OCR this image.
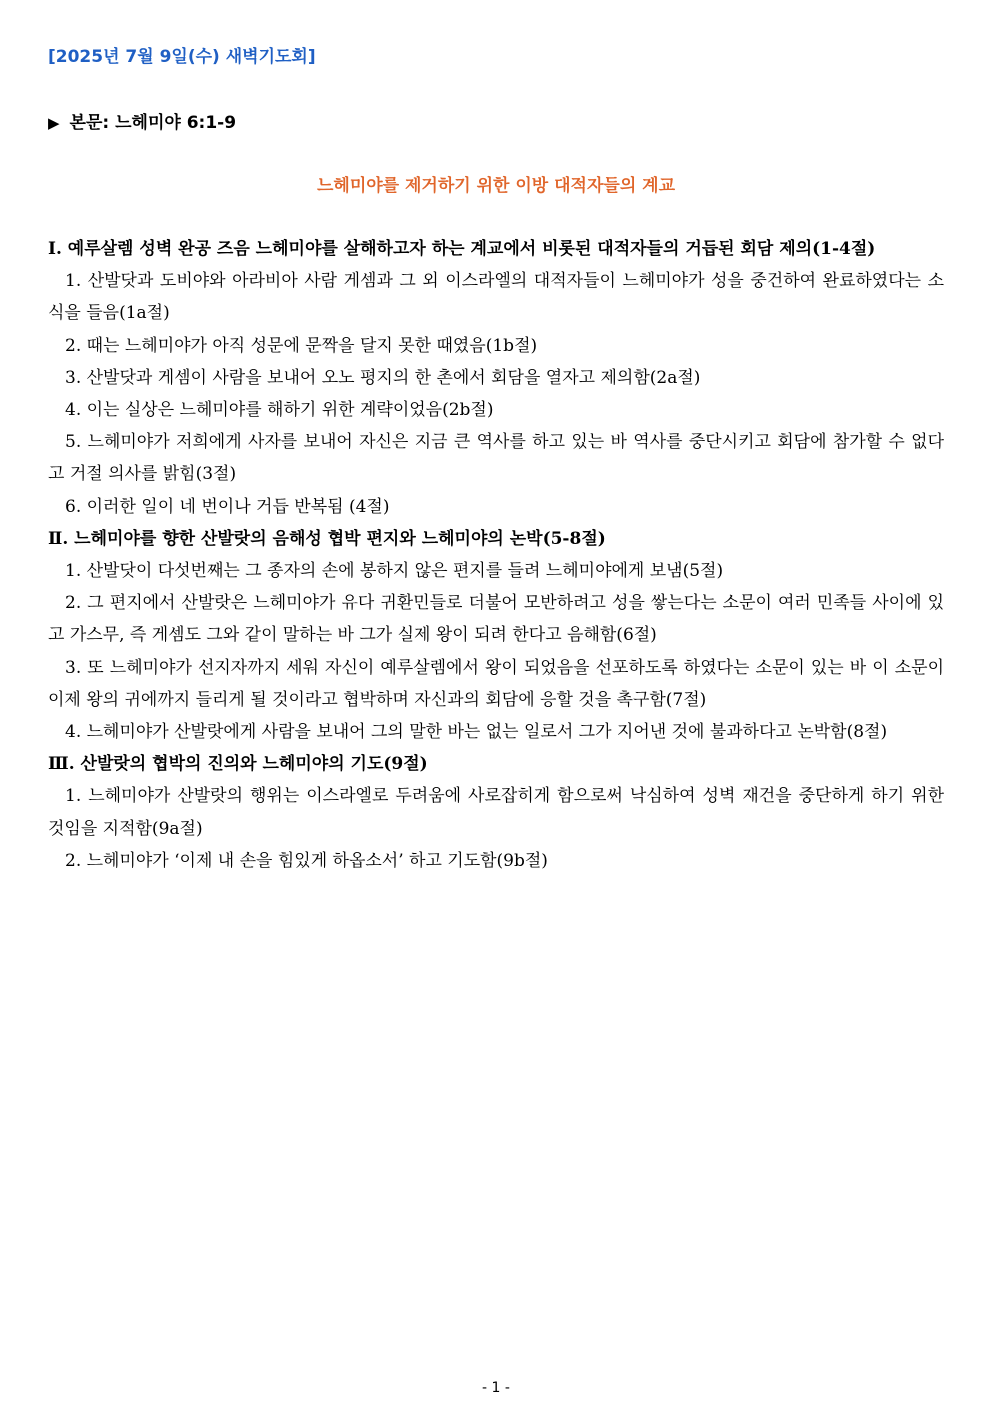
[2025년 7월 9일(수) 새벽기도회]
▶ 본문: 느헤미야 6:1-9
느헤미야를 제거하기 위한 이방 대적자들의 계교
Ⅰ. 예루살렘 성벽 완공 즈음 느헤미야를 살해하고자 하는 계교에서 비롯된 대적자들의 거듭된 회담 제의(1-4절)
1. 산발닷과 도비야와 아라비아 사람 게셈과 그 외 이스라엘의 대적자들이 느헤미야가 성을 중건하여 완료하였다는 소식을 들음(1a절)
2. 때는 느헤미야가 아직 성문에 문짝을 달지 못한 때였음(1b절)
3. 산발닷과 게셈이 사람을 보내어 오노 평지의 한 촌에서 회담을 열자고 제의함(2a절)
4. 이는 실상은 느헤미야를 해하기 위한 계략이었음(2b절)
5. 느헤미야가 저희에게 사자를 보내어 자신은 지금 큰 역사를 하고 있는 바 역사를 중단시키고 회담에 참가할 수 없다고 거절 의사를 밝힘(3절)
6. 이러한 일이 네 번이나 거듭 반복됨 (4절)
Ⅱ. 느헤미야를 향한 산발랏의 음해성 협박 편지와 느헤미야의 논박(5-8절)
1. 산발닷이 다섯번째는 그 종자의 손에 봉하지 않은 편지를 들려 느헤미야에게 보냄(5절)
2. 그 편지에서 산발랏은 느헤미야가 유다 귀환민들로 더불어 모반하려고 성을 쌓는다는 소문이 여러 민족들 사이에 있고 가스무, 즉 게셈도 그와 같이 말하는 바 그가 실제 왕이 되려 한다고 음해함(6절)
3. 또 느헤미야가 선지자까지 세워 자신이 예루살렘에서 왕이 되었음을 선포하도록 하였다는 소문이 있는 바 이 소문이 이제 왕의 귀에까지 들리게 될 것이라고 협박하며 자신과의 회담에 응할 것을 촉구함(7절)
4. 느헤미야가 산발랏에게 사람을 보내어 그의 말한 바는 없는 일로서 그가 지어낸 것에 불과하다고 논박함(8절)
Ⅲ. 산발랏의 협박의 진의와 느헤미야의 기도(9절)
1. 느헤미야가 산발랏의 행위는 이스라엘로 두려움에 사로잡히게 함으로써 낙심하여 성벽 재건을 중단하게 하기 위한 것임을 지적함(9a절)
2. 느헤미야가 ‘이제 내 손을 힘있게 하옵소서’ 하고 기도함(9b절)
- 1 -
